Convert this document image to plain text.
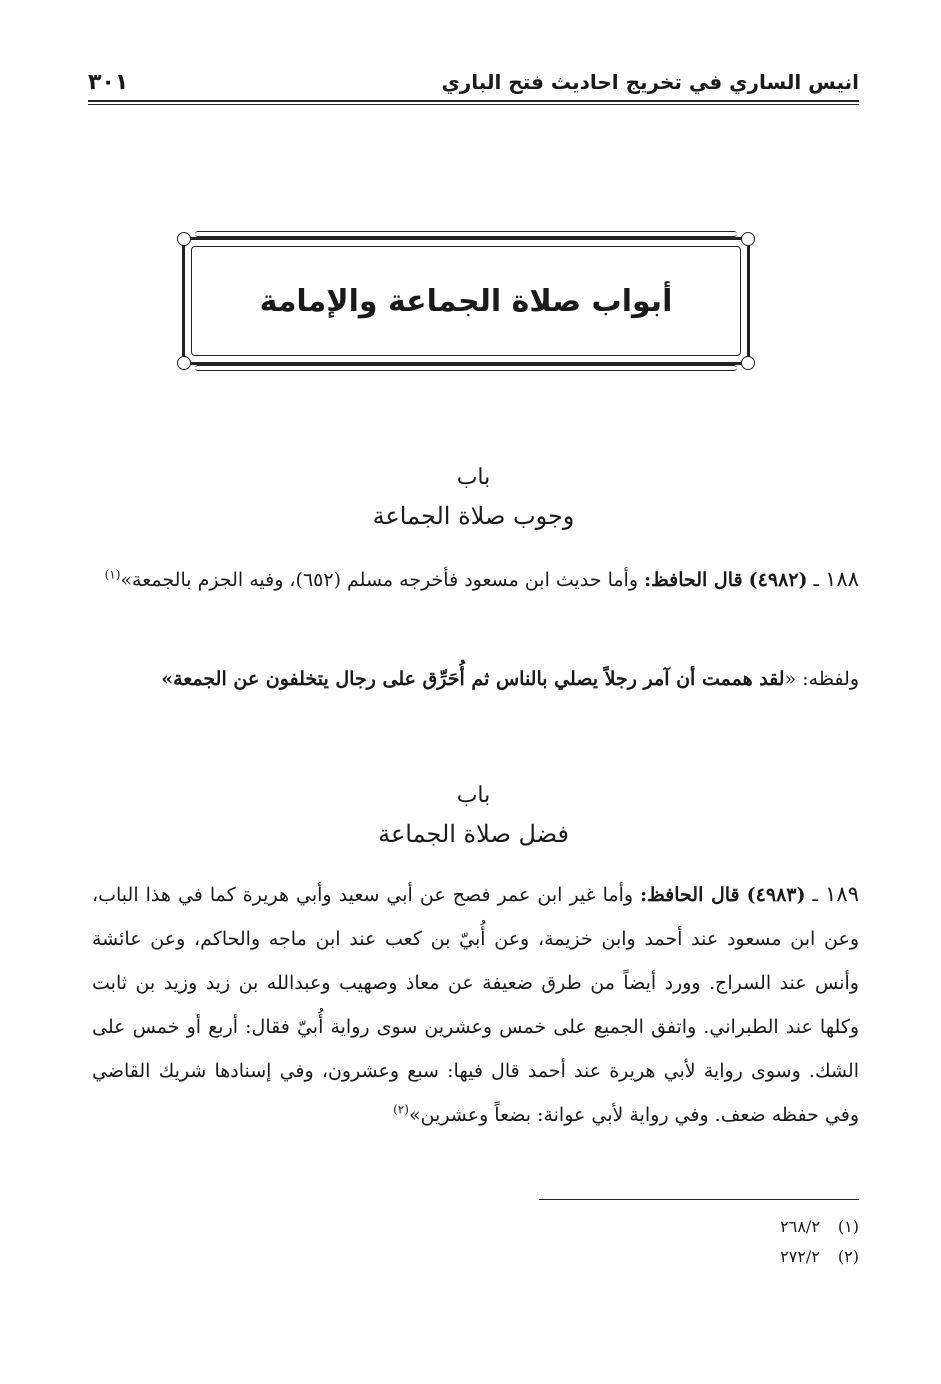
انيس الساري في تخريج احاديث فتح الباري
٣٠١
أبواب صلاة الجماعة والإمامة
باب
وجوب صلاة الجماعة
١٨٨ ـ (٤٩٨٢) قال الحافظ: وأما حديث ابن مسعود فأخرجه مسلم (٦٥٢)، وفيه الجزم بالجمعة»$^{(١)}$
ولفظه: «لقد هممت أن آمر رجلاً يصلي بالناس ثم أُحَرِّق على رجال يتخلفون عن الجمعة»
باب
فضل صلاة الجماعة
١٨٩ ـ (٤٩٨٣) قال الحافظ: وأما غير ابن عمر فصح عن أبي سعيد وأبي هريرة كما في هذا الباب، وعن ابن مسعود عند أحمد وابن خزيمة، وعن أُبيّ بن كعب عند ابن ماجه والحاكم، وعن عائشة وأنس عند السراج. وورد أيضاً من طرق ضعيفة عن معاذ وصهيب وعبدالله بن زيد وزيد بن ثابت وكلها عند الطبراني. واتفق الجميع على خمس وعشرين سوى رواية أُبيّ فقال: أربع أو خمس على الشك. وسوى رواية لأبي هريرة عند أحمد قال فيها: سبع وعشرون، وفي إسنادها شريك القاضي وفي حفظه ضعف. وفي رواية لأبي عوانة: بضعاً وعشرين»$^{(٢)}$
(١)
٢٦٨/٢
(٢)
٢٧٢/٢
